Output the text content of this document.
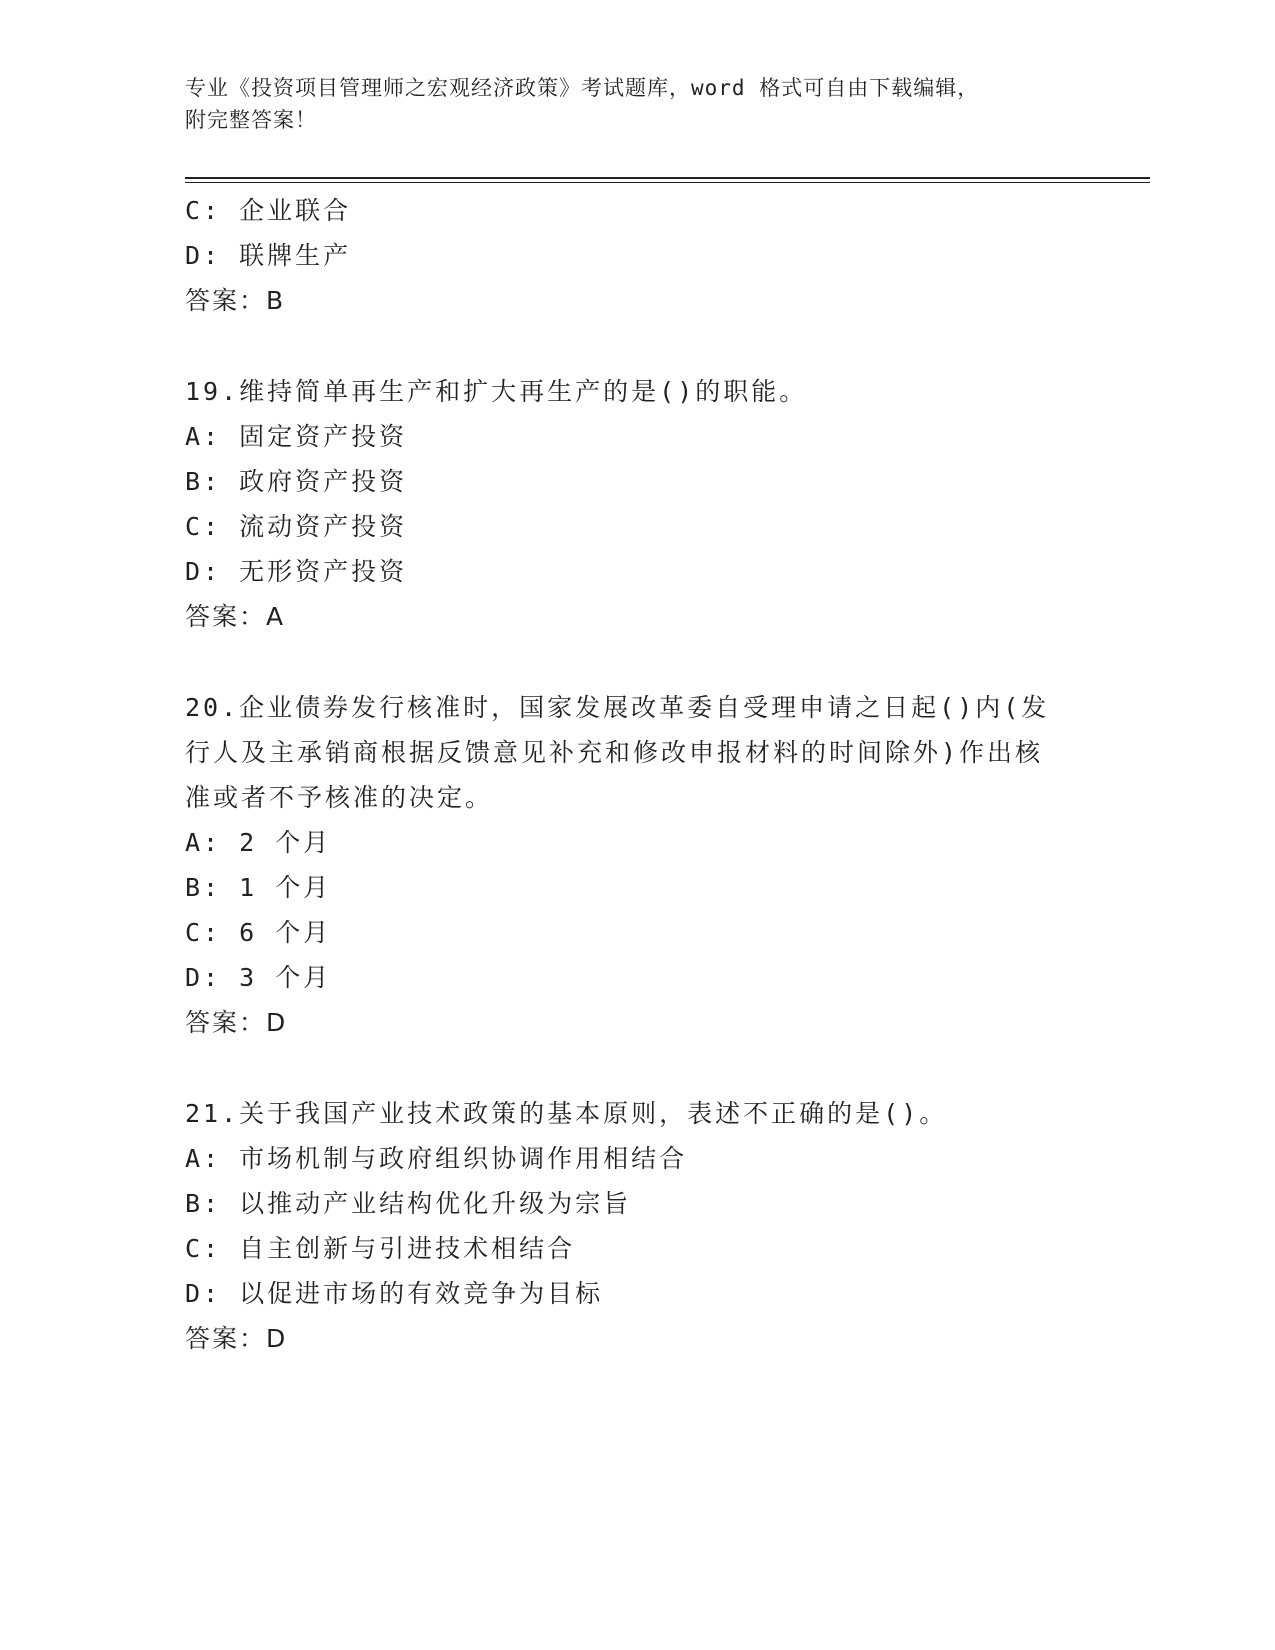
专业《投资项目管理师之宏观经济政策》考试题库，word 格式可自由下载编辑，
附完整答案！
C: 企业联合
D: 联牌生产
答案：B
19.维持简单再生产和扩大再生产的是()的职能。
A: 固定资产投资
B: 政府资产投资
C: 流动资产投资
D: 无形资产投资
答案：A
20.企业债券发行核准时，国家发展改革委自受理申请之日起()内(发
行人及主承销商根据反馈意见补充和修改申报材料的时间除外)作出核
准或者不予核准的决定。
A: 2 个月
B: 1 个月
C: 6 个月
D: 3 个月
答案：D
21.关于我国产业技术政策的基本原则，表述不正确的是()。
A: 市场机制与政府组织协调作用相结合
B: 以推动产业结构优化升级为宗旨
C: 自主创新与引进技术相结合
D: 以促进市场的有效竞争为目标
答案：D
